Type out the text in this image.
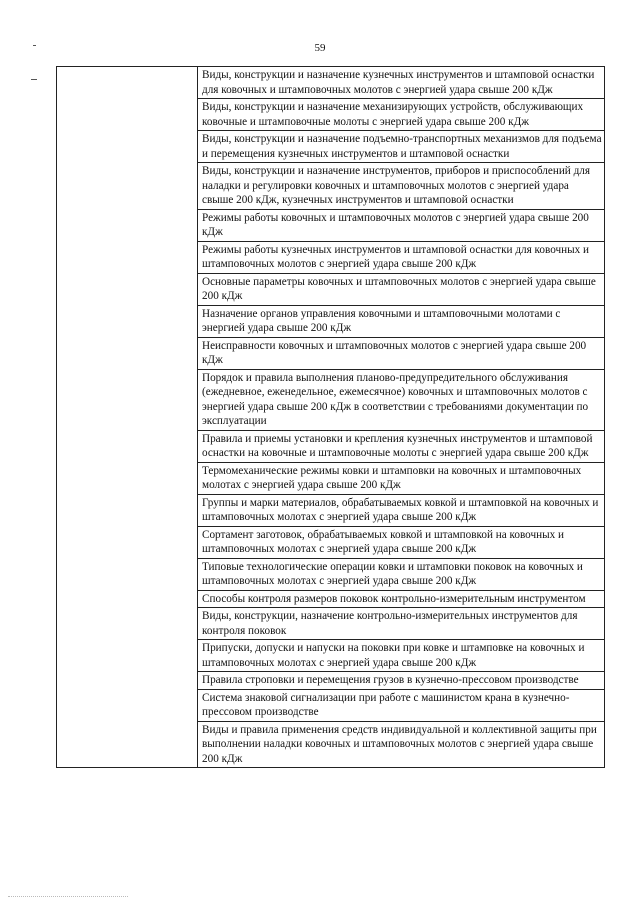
59
	Виды, конструкции и назначение кузнечных инструментов и штамповой оснастки для ковочных и штамповочных молотов с энергией удара свыше 200 кДж
Виды, конструкции и назначение механизирующих устройств, обслуживающих ковочные и штамповочные молоты с энергией удара свыше 200 кДж
Виды, конструкции и назначение подъемно-транспортных механизмов для подъема и перемещения кузнечных инструментов и штамповой оснастки
Виды, конструкции и назначение инструментов, приборов и приспособлений для наладки и регулировки ковочных и штамповочных молотов с энергией удара свыше 200 кДж, кузнечных инструментов и штамповой оснастки
Режимы работы ковочных и штамповочных молотов с энергией удара свыше 200 кДж
Режимы работы кузнечных инструментов и штамповой оснастки для ковочных и штамповочных молотов с энергией удара свыше 200 кДж
Основные параметры ковочных и штамповочных молотов с энергией удара свыше 200 кДж
Назначение органов управления ковочными и штамповочными молотами с энергией удара свыше 200 кДж
Неисправности ковочных и штамповочных молотов с энергией удара свыше 200 кДж
Порядок и правила выполнения планово-предупредительного обслуживания (ежедневное, еженедельное, ежемесячное) ковочных и штамповочных молотов с энергией удара свыше 200 кДж в соответствии с требованиями документации по эксплуатации
Правила и приемы установки и крепления кузнечных инструментов и штамповой оснастки на ковочные и штамповочные молоты с энергией удара свыше 200 кДж
Термомеханические режимы ковки и штамповки на ковочных и штамповочных молотах с энергией удара свыше 200 кДж
Группы и марки материалов, обрабатываемых ковкой и штамповкой на ковочных и штамповочных молотах с энергией удара свыше 200 кДж
Сортамент заготовок, обрабатываемых ковкой и штамповкой на ковочных и штамповочных молотах с энергией удара свыше 200 кДж
Типовые технологические операции ковки и штамповки поковок на ковочных и штамповочных молотах с энергией удара свыше 200 кДж
Способы контроля размеров поковок контрольно-измерительным инструментом
Виды, конструкции, назначение контрольно-измерительных инструментов для контроля поковок
Припуски, допуски и напуски на поковки при ковке и штамповке на ковочных и штамповочных молотах с энергией удара свыше 200 кДж
Правила строповки и перемещения грузов в кузнечно-прессовом производстве
Система знаковой сигнализации при работе с машинистом крана в кузнечно-прессовом производстве
Виды и правила применения средств индивидуальной и коллективной защиты при выполнении наладки ковочных и штамповочных молотов с энергией удара свыше 200 кДж
